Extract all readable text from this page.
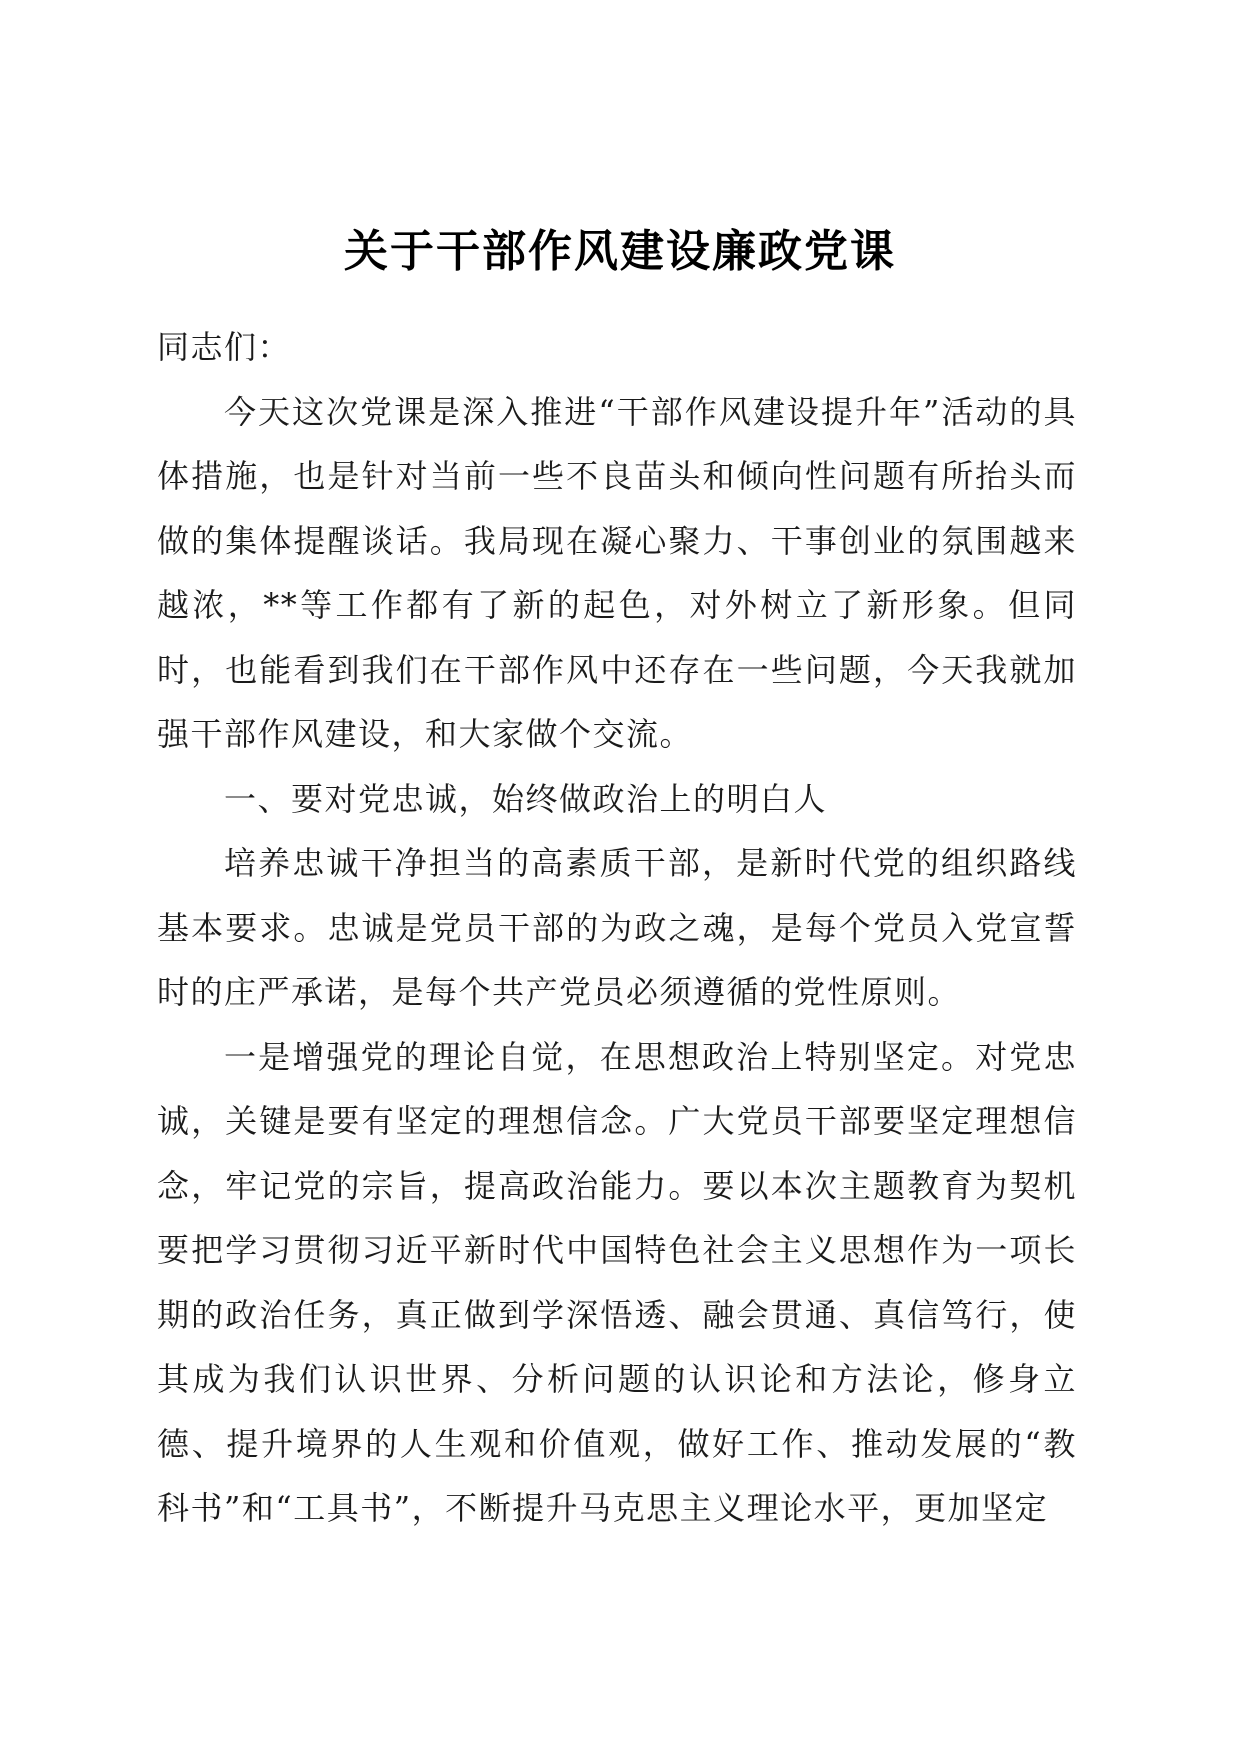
关于干部作风建设廉政党课

同志们：

今天这次党课是深入推进“干部作风建设提升年”活动的具体措施，也是针对当前一些不良苗头和倾向性问题有所抬头而做的集体提醒谈话。我局现在凝心聚力、干事创业的氛围越来越浓，**等工作都有了新的起色，对外树立了新形象。但同时，也能看到我们在干部作风中还存在一些问题，今天我就加强干部作风建设，和大家做个交流。

一、要对党忠诚，始终做政治上的明白人

培养忠诚干净担当的高素质干部，是新时代党的组织路线基本要求。忠诚是党员干部的为政之魂，是每个党员入党宣誓时的庄严承诺，是每个共产党员必须遵循的党性原则。

一是增强党的理论自觉，在思想政治上特别坚定。对党忠诚，关键是要有坚定的理想信念。广大党员干部要坚定理想信念，牢记党的宗旨，提高政治能力。要以本次主题教育为契机要把学习贯彻习近平新时代中国特色社会主义思想作为一项长期的政治任务，真正做到学深悟透、融会贯通、真信笃行，使其成为我们认识世界、分析问题的认识论和方法论，修身立德、提升境界的人生观和价值观，做好工作、推动发展的“教科书”和“工具书”，不断提升马克思主义理论水平，更加坚定
